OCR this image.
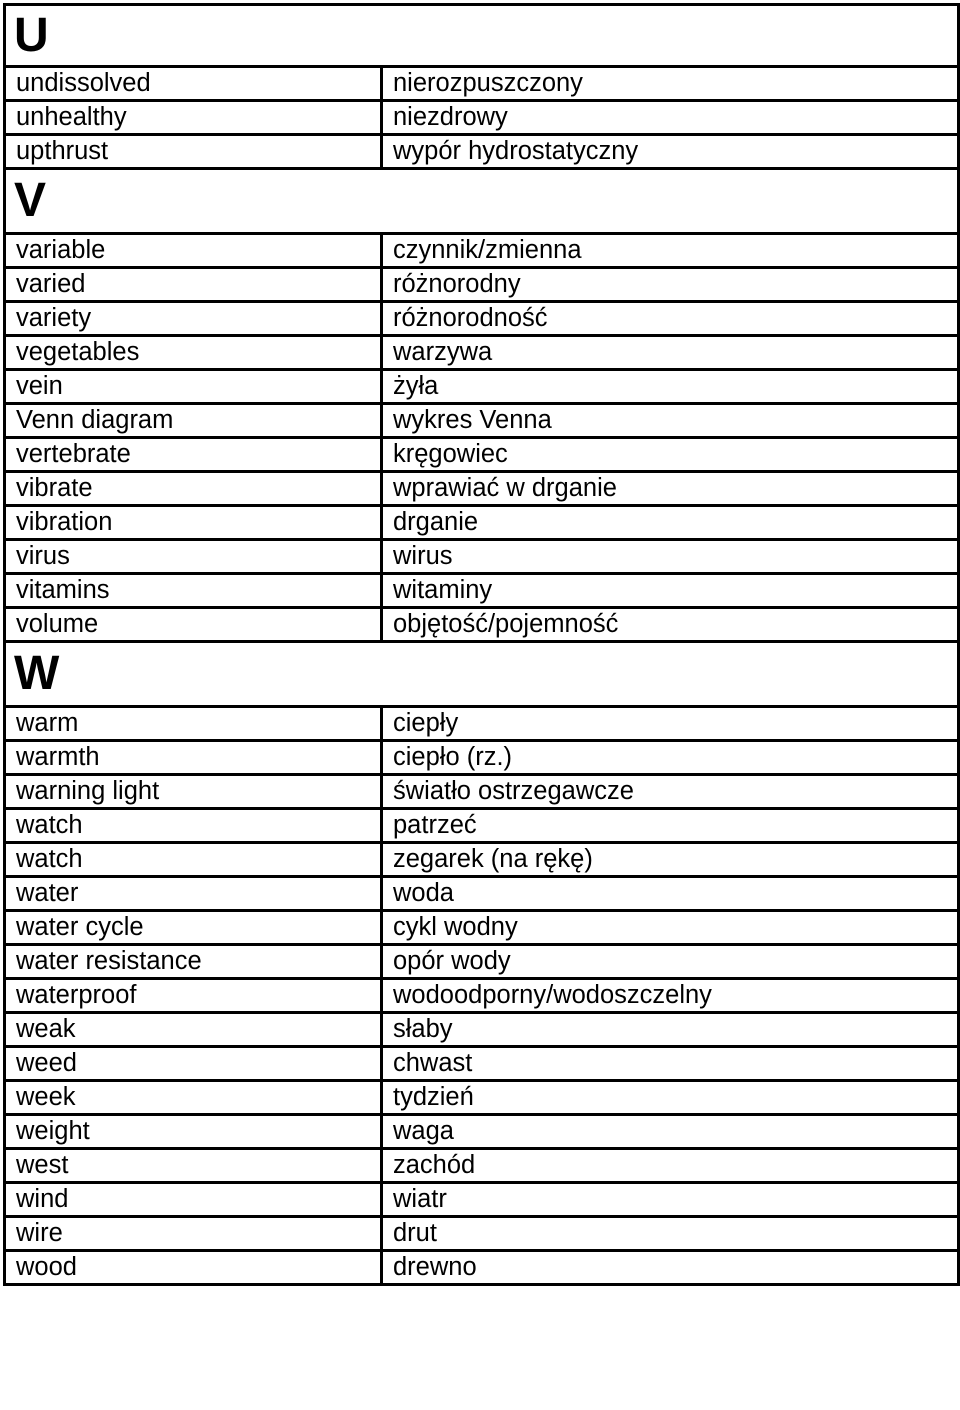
U	
undissolved	nierozpuszczony
unhealthy	niezdrowy
upthrust	wypór hydrostatyczny
V	
variable	czynnik/zmienna
varied	różnorodny
variety	różnorodność
vegetables	warzywa
vein	żyła
Venn diagram	wykres Venna
vertebrate	kręgowiec
vibrate	wprawiać w drganie
vibration	drganie
virus	wirus
vitamins	witaminy
volume	objętość/pojemność
W	
warm	ciepły
warmth	ciepło (rz.)
warning light	światło ostrzegawcze
watch	patrzeć
watch	zegarek (na rękę)
water	woda
water cycle	cykl wodny
water resistance	opór wody
waterproof	wodoodporny/wodoszczelny
weak	słaby
weed	chwast
week	tydzień
weight	waga
west	zachód
wind	wiatr
wire	drut
wood	drewno
